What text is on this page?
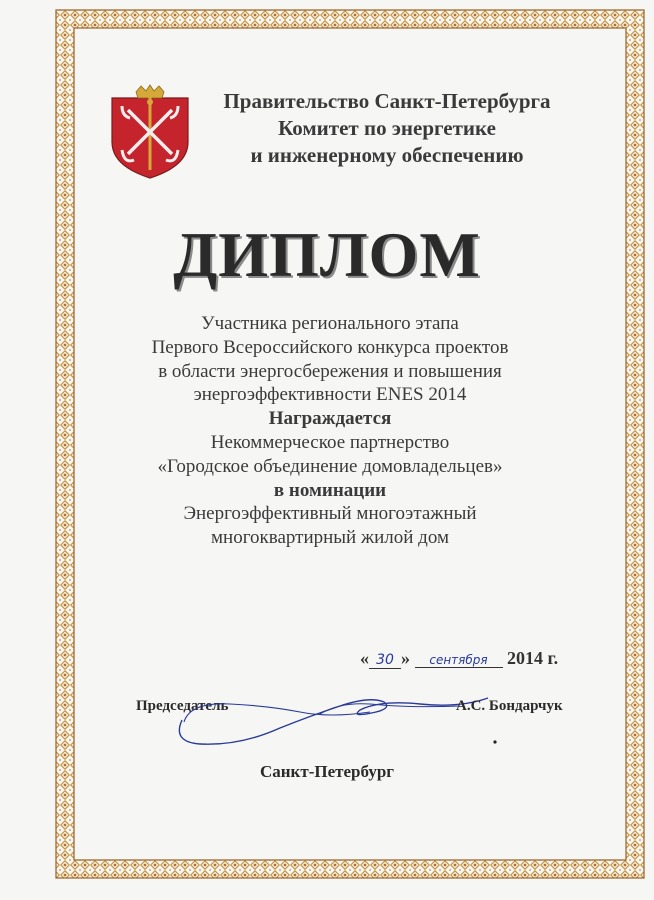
Правительство Санкт-Петербурга
Комитет по энергетике
и инженерному обеспечению
ДИПЛОМ
Участника регионального этапа
Первого Всероссийского конкурса проектов
в области энергосбережения и повышения
энергоэффективности ENES 2014
Награждается
Некоммерческое партнерство
«Городское объединение домовладельцев»
в номинации
Энергоэффективный многоэтажный
многоквартирный жилой дом
« 30 » сентября 2014 г.
Председатель	А.С. Бондарчук
Санкт-Петербург
